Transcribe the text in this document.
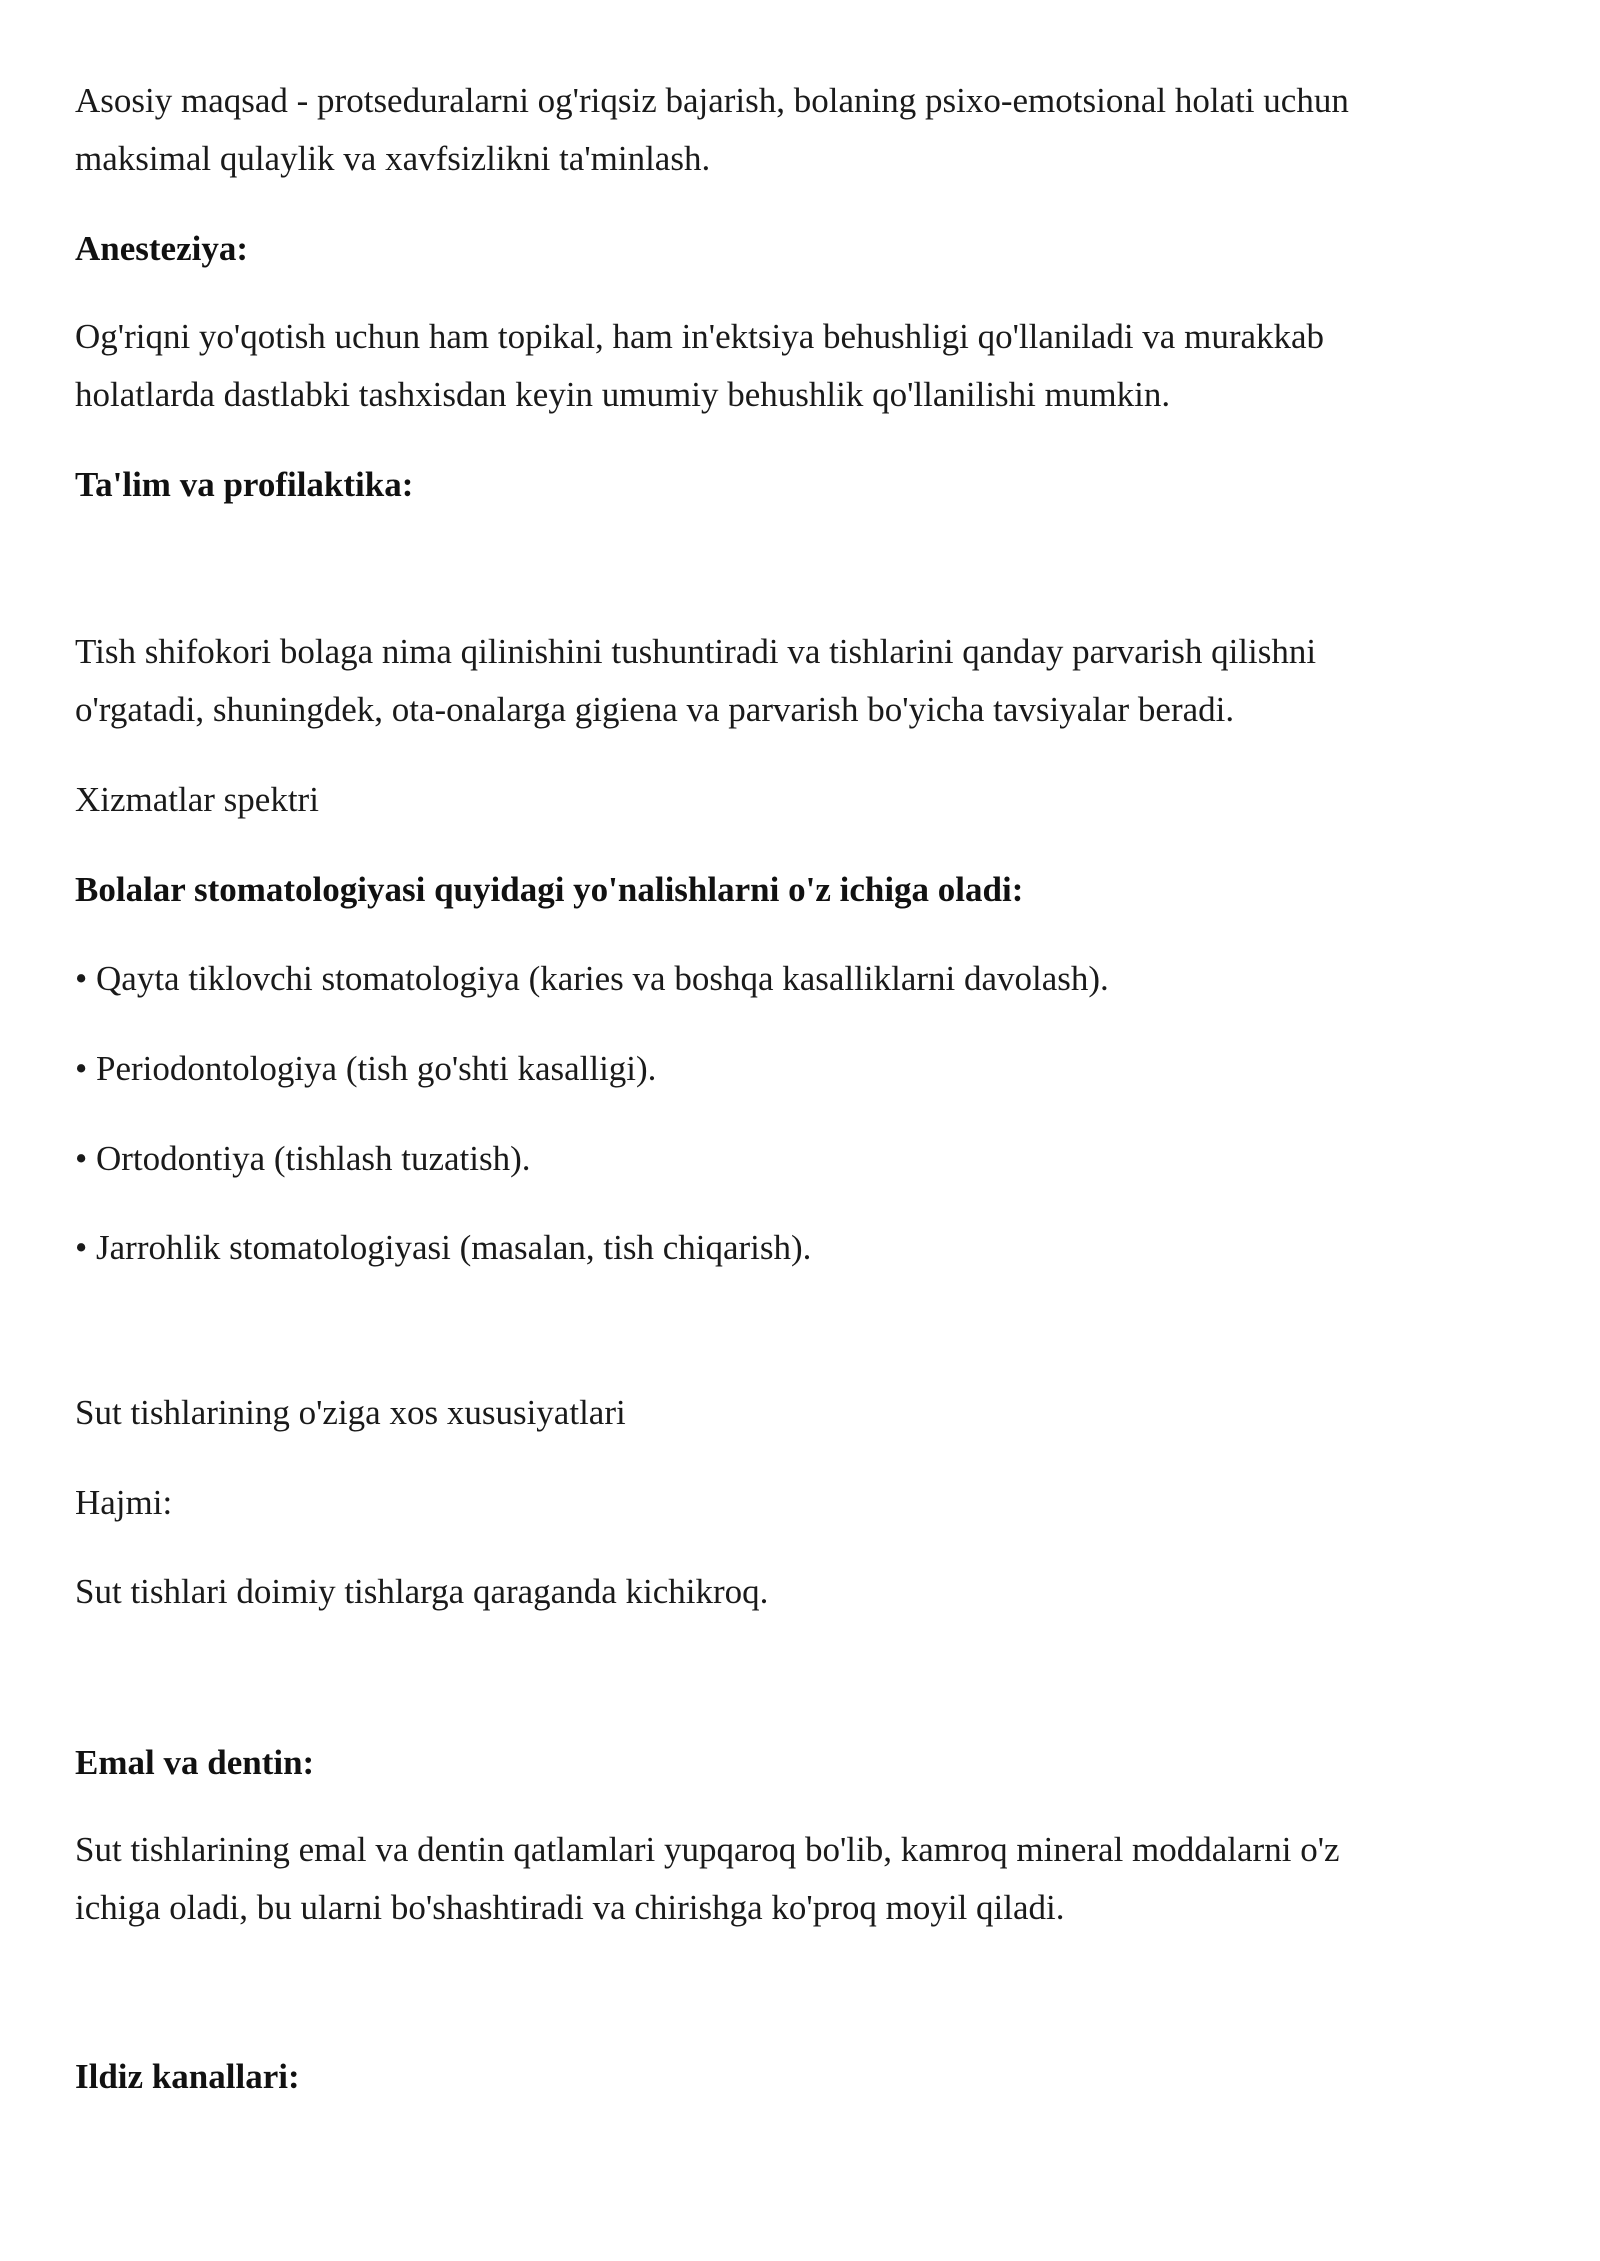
Asosiy maqsad - protseduralarni og'riqsiz bajarish, bolaning psixo-emotsional holati uchun
maksimal qulaylik va xavfsizlikni ta'minlash.

Anesteziya:

Og'riqni yo'qotish uchun ham topikal, ham in'ektsiya behushligi qo'llaniladi va murakkab
holatlarda dastlabki tashxisdan keyin umumiy behushlik qo'llanilishi mumkin.

Ta'lim va profilaktika:

Tish shifokori bolaga nima qilinishini tushuntiradi va tishlarini qanday parvarish qilishni
o'rgatadi, shuningdek, ota-onalarga gigiena va parvarish bo'yicha tavsiyalar beradi.

Xizmatlar spektri

Bolalar stomatologiyasi quyidagi yo'nalishlarni o'z ichiga oladi:

• Qayta tiklovchi stomatologiya (karies va boshqa kasalliklarni davolash).

• Periodontologiya (tish go'shti kasalligi).

• Ortodontiya (tishlash tuzatish).

• Jarrohlik stomatologiyasi (masalan, tish chiqarish).

Sut tishlarining o'ziga xos xususiyatlari

Hajmi:

Sut tishlari doimiy tishlarga qaraganda kichikroq.

Emal va dentin:

Sut tishlarining emal va dentin qatlamlari yupqaroq bo'lib, kamroq mineral moddalarni o'z
ichiga oladi, bu ularni bo'shashtiradi va chirishga ko'proq moyil qiladi.

Ildiz kanallari:
